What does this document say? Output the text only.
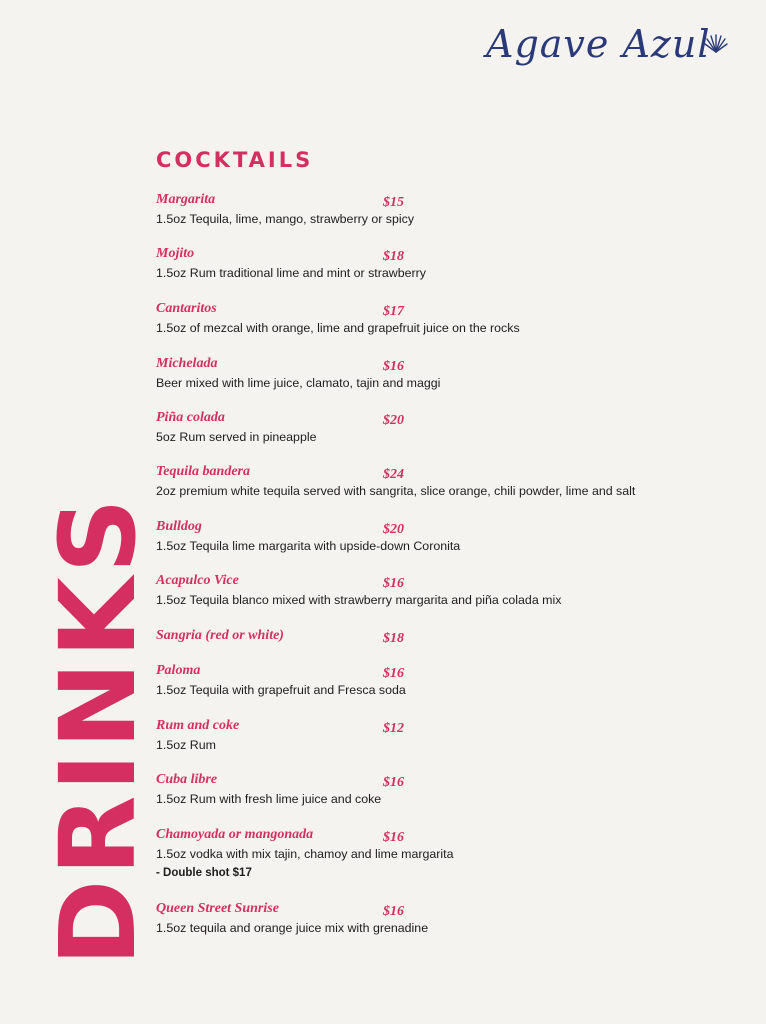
Agave Azul
COCKTAILS
Margarita	$15
1.5oz Tequila, lime, mango, strawberry or spicy
Mojito	$18
1.5oz Rum traditional lime and mint or strawberry
Cantaritos	$17
1.5oz of mezcal with orange, lime and grapefruit juice on the rocks
Michelada	$16
Beer mixed with lime juice, clamato, tajin and maggi
Piña colada	$20
5oz Rum served in pineapple
Tequila bandera	$24
2oz premium white tequila served with sangrita, slice orange, chili powder, lime and salt
Bulldog	$20
1.5oz Tequila lime margarita with upside-down Coronita
Acapulco Vice	$16
1.5oz Tequila blanco mixed with strawberry margarita and piña colada mix
Sangria (red or white)	$18
Paloma	$16
1.5oz Tequila with grapefruit and Fresca soda
Rum and coke	$12
1.5oz Rum
Cuba libre	$16
1.5oz Rum with fresh lime juice and coke
Chamoyada or mangonada	$16
1.5oz vodka with mix tajin, chamoy and lime margarita
- Double shot $17
Queen Street Sunrise	$16
1.5oz tequila and orange juice mix with grenadine
DRINKS
